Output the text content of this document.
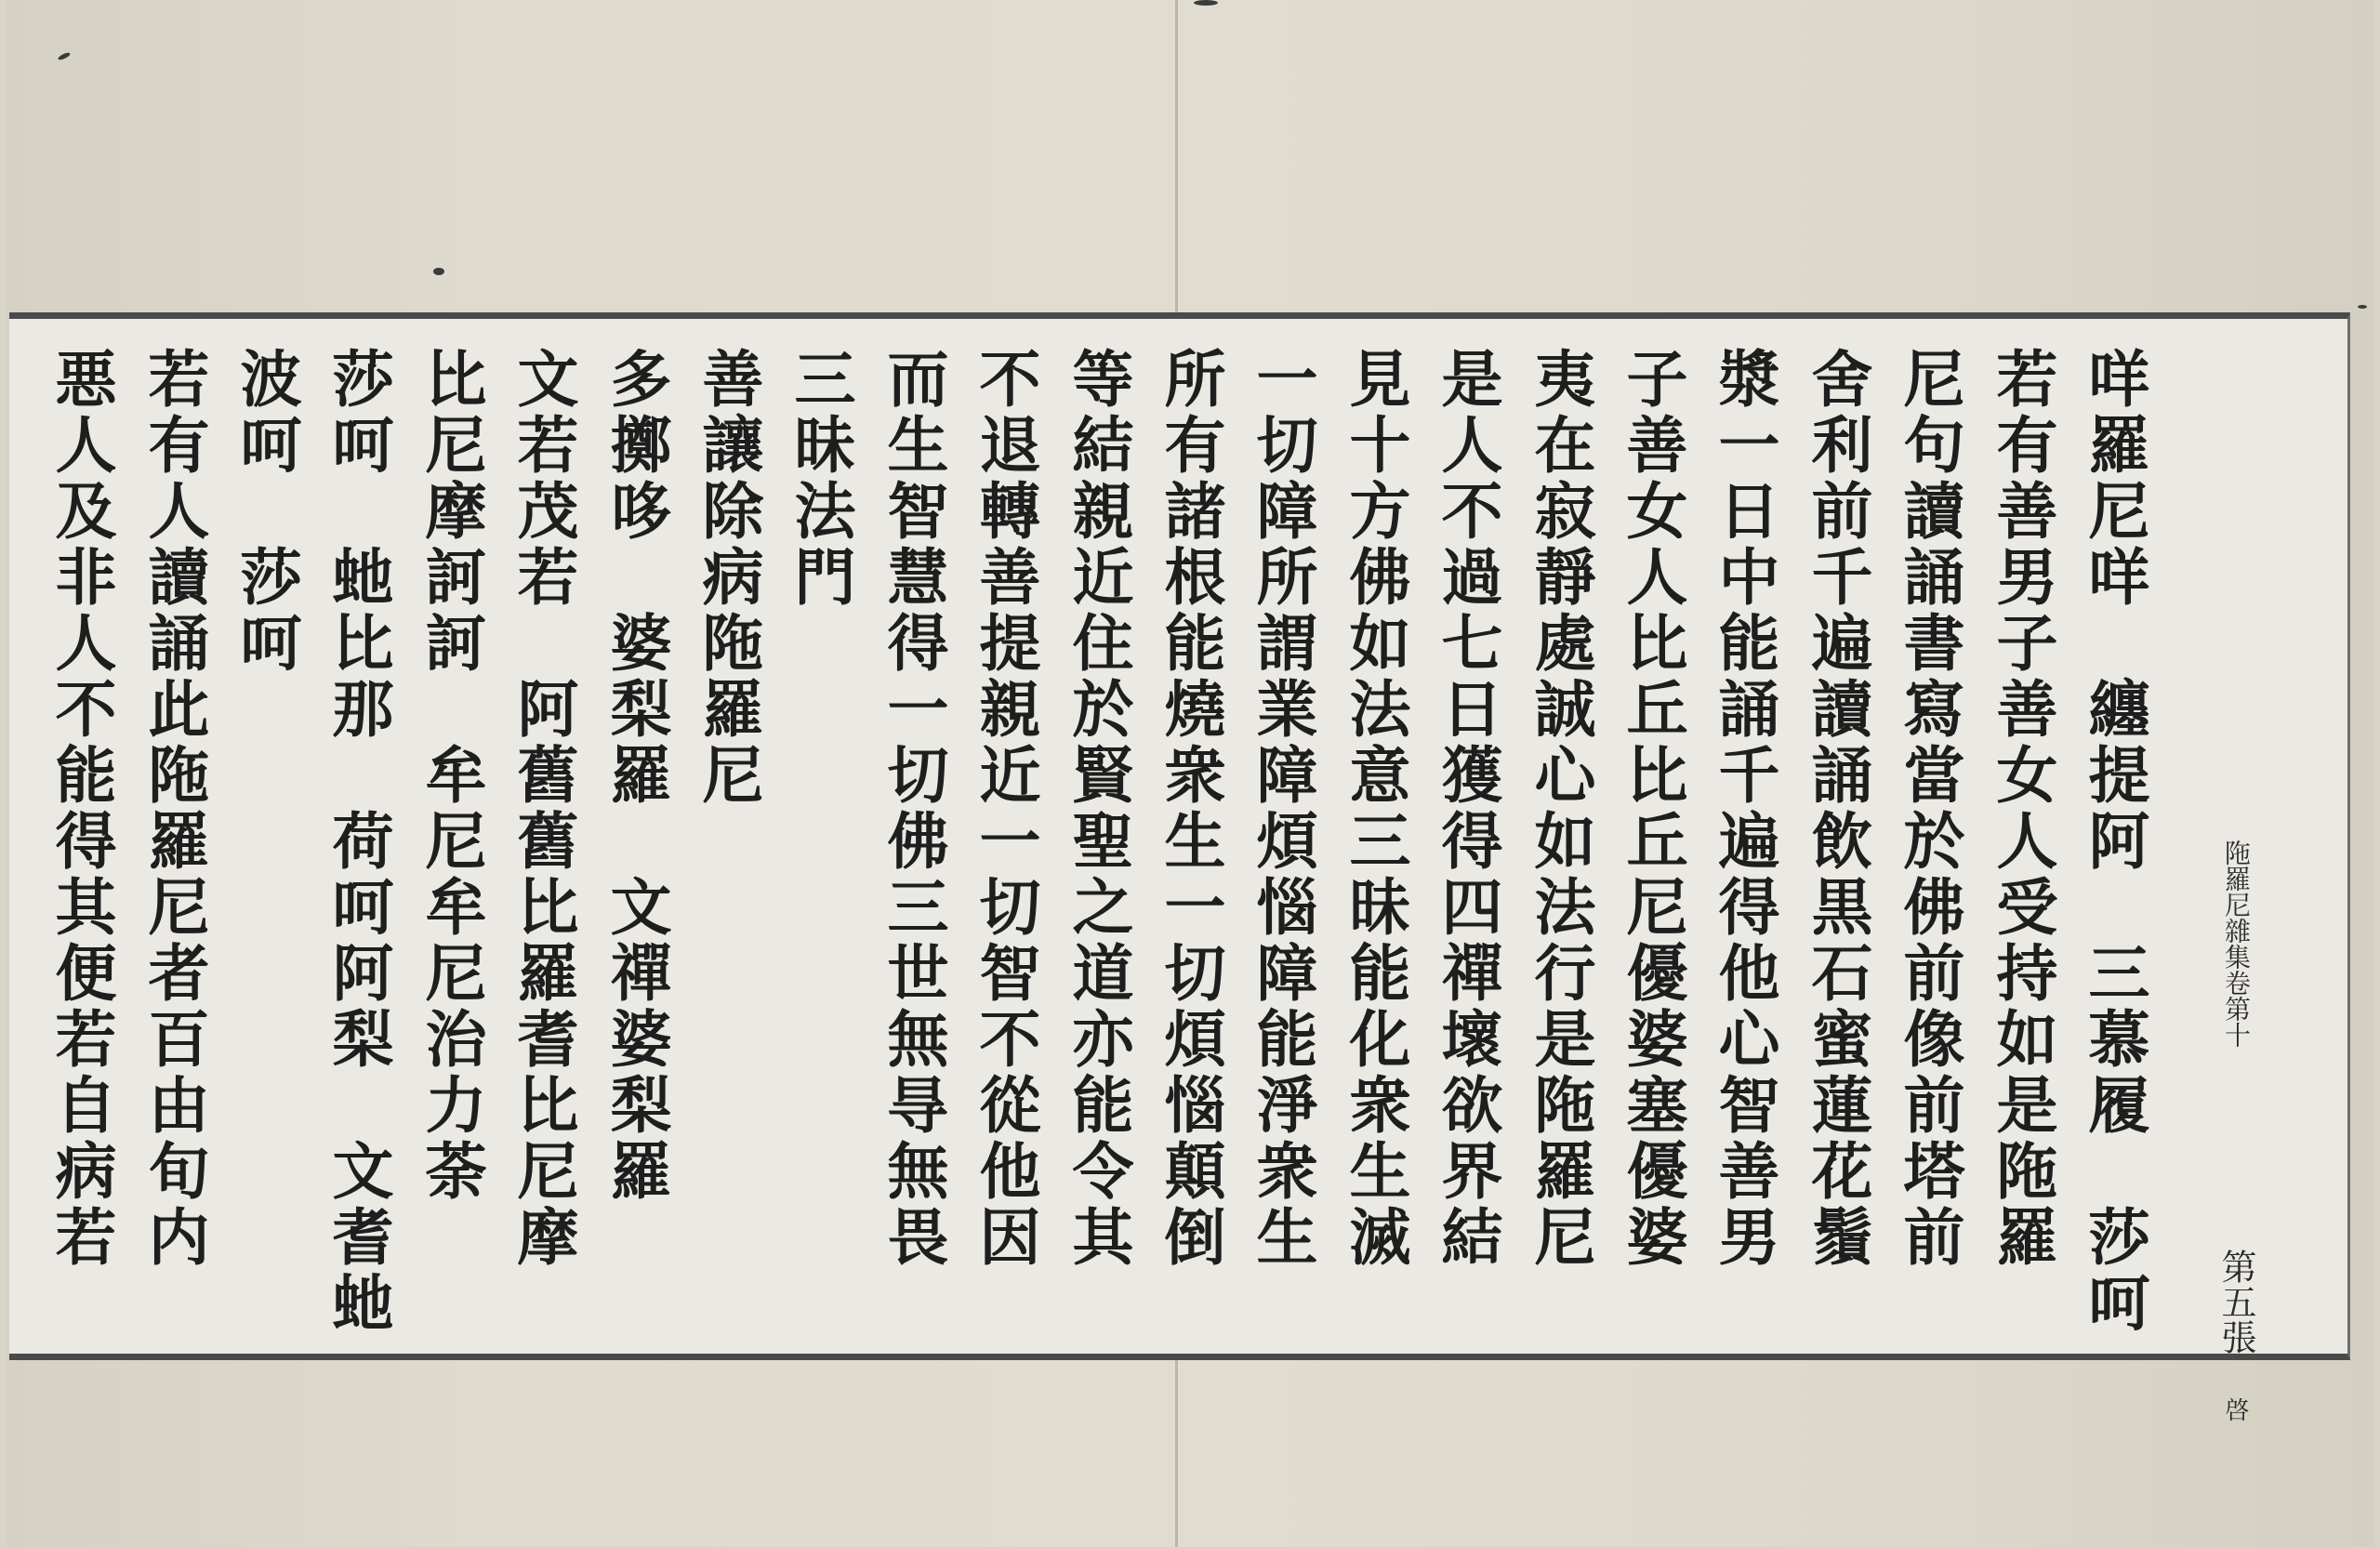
咩羅尼咩　纏提阿　三慕履　莎呵
若有善男子善女人受持如是陁羅
尼句讀誦書寫當於佛前像前塔前
舍利前千遍讀誦飲黒石蜜蓮花鬚
漿一日中能誦千遍得他心智善男
子善女人比丘比丘尼優婆塞優婆
夷在寂靜處誠心如法行是陁羅尼
是人不過七日獲得四禪壞欲界結
見十方佛如法意三昧能化衆生滅
一切障所謂業障煩惱障能淨衆生
所有諸根能燒衆生一切煩惱顛倒
等結親近住於賢聖之道亦能令其
不退轉善提親近一切智不從他因
而生智慧得一切佛三世無㝵無畏
三昧法門
善讓除病陁羅尼
多擲哆　婆梨羅　文禪婆梨羅
文若茂若　阿舊舊比羅耆比尼摩
比尼摩訶訶　牟尼牟尼治力荼
莎呵　虵比那　荷呵阿梨　文耆虵
波呵　莎呵
若有人讀誦此陁羅尼者百由旬内
悪人及非人不能得其便若自病若	陁羅尼雜集卷第十
第五張
啓
